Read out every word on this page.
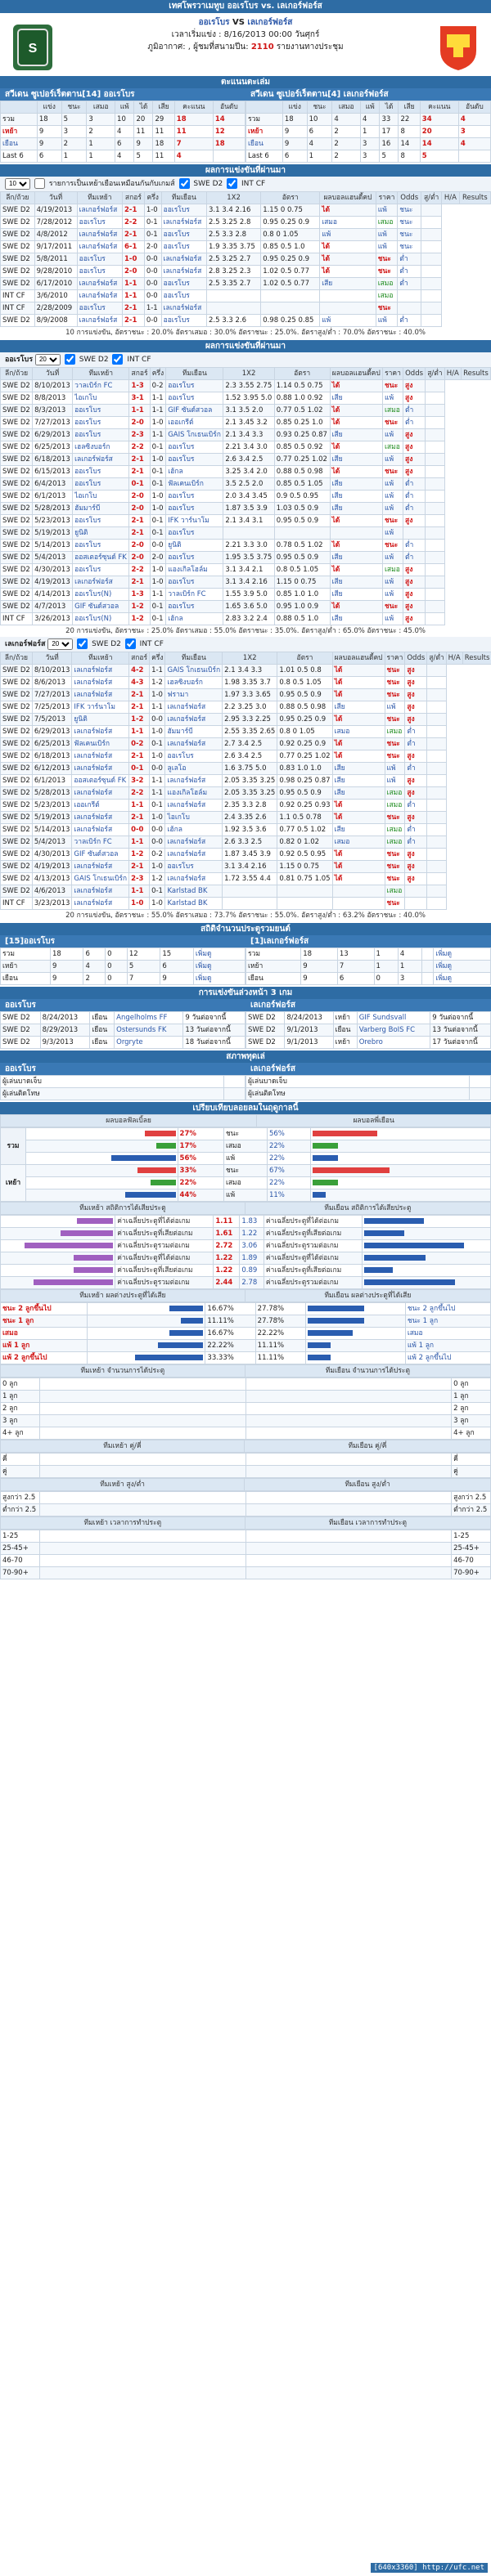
เทศโพรวาเมทูบ ออเรโบร vs. เลเกอร์ฟอร์ส
S
ออเรโบร VS เลเกอร์ฟอร์ส
เวลาเริ่มแข่ง : 8/16/2013 00:00 วันศุกร์
ภูมิอากาศ: , ผู้ชมที่สนามปีน: 2110 รายงานทางประชุม
ตะแนนตะเล่ม
สวีเดน ซูเปอร์เร็ตตาน[14] ออเรโบร
	แข่ง	ชนะ	เสมอ	แพ้	ได้	เสีย	คะแนน	อันดับ
รวม	18	5	3	10	20	29	18	14
เหย้า	9	3	2	4	11	11	11	12
เยือน	9	2	1	6	9	18	7	18
Last 6	6	1	1	4	5	11	4	

สวีเดน ซูเปอร์เร็ตตาน[4] เลเกอร์ฟอร์ส
	แข่ง	ชนะ	เสมอ	แพ้	ได้	เสีย	คะแนน	อันดับ
รวม	18	10	4	4	33	22	34	4
เหย้า	9	6	2	1	17	8	20	3
เยือน	9	4	2	3	16	14	14	4
Last 6	6	1	2	3	5	8	5	
ผลการแข่งขันที่ผ่านมา
10  รายการเป็นเหย้าเยือนเหมือนกันกับเกมส์	SWE D2	INT CF
ลีก/ถ้วย	วันที่	ทีมเหย้า	สกอร์	ครึ่ง	ทีมเยือน	1X2	อัตรา	ผลบอลแฮนดี้คป	ราคา	Odds	สู/ต่ำ	H/A	Results
SWE D2	4/19/2013	เลเกอร์ฟอร์ส	2-1	1-0	ออเรโบร	3.1 3.4 2.16	1.15 0 0.75	ได้	แพ้	ชนะ			
SWE D2	7/28/2012	ออเรโบร	2-2	0-1	เลเกอร์ฟอร์ส	2.5 3.25 2.8	0.95 0.25 0.9	เสมอ	เสมอ	ชนะ			
SWE D2	4/8/2012	เลเกอร์ฟอร์ส	2-1	0-1	ออเรโบร	2.5 3.3 2.8	0.8 0 1.05	แพ้	แพ้	ชนะ			
SWE D2	9/17/2011	เลเกอร์ฟอร์ส	6-1	2-0	ออเรโบร	1.9 3.35 3.75	0.85 0.5 1.0	ได้	แพ้	ชนะ			
SWE D2	5/8/2011	ออเรโบร	1-0	0-0	เลเกอร์ฟอร์ส	2.5 3.25 2.7	0.95 0.25 0.9	ได้	ชนะ	ต่ำ			
SWE D2	9/28/2010	ออเรโบร	2-0	0-0	เลเกอร์ฟอร์ส	2.8 3.25 2.3	1.02 0.5 0.77	ได้	ชนะ	ต่ำ			
SWE D2	6/17/2010	เลเกอร์ฟอร์ส	1-1	0-0	ออเรโบร	2.5 3.35 2.7	1.02 0.5 0.77	เสีย	เสมอ	ต่ำ			
INT CF	3/6/2010	เลเกอร์ฟอร์ส	1-1	0-0	ออเรโบร				เสมอ				
INT CF	2/28/2009	ออเรโบร	2-1	1-1	เลเกอร์ฟอร์ส				ชนะ				
SWE D2	8/9/2008	เลเกอร์ฟอร์ส	2-1	0-0	ออเรโบร	2.5 3.3 2.6	0.98 0.25 0.85	แพ้	แพ้	ต่ำ			
10 การแข่งขัน, อัตราชนะ : 20.0% อัตราเสมอ : 30.0% อัตราชนะ : 25.0%. อัตราสูง/ต่ำ : 70.0% อัตราชนะ : 40.0%
ผลการแข่งขันที่ผ่านมา
ออเรโบร
20	SWE D2	INT CF
ลีก/ถ้วย	วันที่	ทีมเหย้า	สกอร์	ครึ่ง	ทีมเยือน	1X2	อัตรา	ผลบอลแฮนดี้คป	ราคา	Odds	สู/ต่ำ	H/A	Results
SWE D2	8/10/2013	วาลเบิร์ก FC	1-3	0-2	ออเรโบร	2.3 3.55 2.75	1.14 0.5 0.75	ได้	ชนะ	สูง			
SWE D2	8/8/2013	ไอเกโบ	3-1	1-1	ออเรโบร	1.52 3.95 5.0	0.88 1.0 0.92	เสีย	แพ้	สูง			
SWE D2	8/3/2013	ออเรโบร	1-1	1-1	GIF ซันด์สวอล	3.1 3.5 2.0	0.77 0.5 1.02	ได้	เสมอ	ต่ำ			
SWE D2	7/27/2013	ออเรโบร	2-0	1-0	เออเกรีต์	2.1 3.45 3.2	0.85 0.25 1.0	ได้	ชนะ	ต่ำ			
SWE D2	6/29/2013	ออเรโบร	2-3	1-1	GAIS โกเธนเบิร์ก	2.1 3.4 3.3	0.93 0.25 0.87	เสีย	แพ้	สูง			
SWE D2	6/25/2013	เฮลซิงบอร์ก	2-2	0-1	ออเรโบร	2.21 3.4 3.0	0.85 0.5 0.92	ได้	เสมอ	สูง			
SWE D2	6/18/2013	เลเกอร์ฟอร์ส	2-1	1-0	ออเรโบร	2.6 3.4 2.5	0.77 0.25 1.02	เสีย	แพ้	สูง			
SWE D2	6/15/2013	ออเรโบร	2-1	0-1	เฮ้กล	3.25 3.4 2.0	0.88 0.5 0.98	ได้	ชนะ	สูง			
SWE D2	6/4/2013	ออเรโบร	0-1	0-1	ฟัลเคนเบิร์ก	3.5 2.5 2.0	0.85 0.5 1.05	เสีย	แพ้	ต่ำ			
SWE D2	6/1/2013	ไอเกโบ	2-0	1-0	ออเรโบร	2.0 3.4 3.45	0.9 0.5 0.95	เสีย	แพ้	ต่ำ			
SWE D2	5/28/2013	ฮัมมาร์บี	2-0	1-0	ออเรโบร	1.87 3.5 3.9	1.03 0.5 0.9	เสีย	แพ้	ต่ำ			
SWE D2	5/23/2013	ออเรโบร	2-1	0-1	IFK วาร์นาโม	2.1 3.4 3.1	0.95 0.5 0.9	ได้	ชนะ	สูง			
SWE D2	5/19/2013	ยูนิติ	2-1	0-1	ออเรโบร				แพ้				
SWE D2	5/14/2013	ออเรโบร	2-0	0-0	ยูนิติ	2.21 3.3 3.0	0.78 0.5 1.02	ได้	ชนะ	ต่ำ			
SWE D2	5/4/2013	ออสเตอร์ซุนด์ FK	2-0	2-0	ออเรโบร	1.95 3.5 3.75	0.95 0.5 0.9	เสีย	แพ้	ต่ำ			
SWE D2	4/30/2013	ออเรโบร	2-2	1-0	แองเกิลโฮล์ม	3.1 3.4 2.1	0.8 0.5 1.05	ได้	เสมอ	สูง			
SWE D2	4/19/2013	เลเกอร์ฟอร์ส	2-1	1-0	ออเรโบร	3.1 3.4 2.16	1.15 0 0.75	เสีย	แพ้	สูง			
SWE D2	4/14/2013	ออเรโบร(N)	1-3	1-1	วาลเบิร์ก FC	1.55 3.9 5.0	0.85 1.0 1.0	เสีย	แพ้	สูง			
SWE D2	4/7/2013	GIF ซันด์สวอล	1-2	0-1	ออเรโบร	1.65 3.6 5.0	0.95 1.0 0.9	ได้	ชนะ	สูง			
INT CF	3/26/2013	ออเรโบร(N)	1-2	0-1	เฮ้กล	2.83 3.2 2.4	0.88 0.5 1.0	เสีย	แพ้	สูง			
20 การแข่งขัน, อัตราชนะ : 25.0% อัตราเสมอ : 55.0% อัตราชนะ : 35.0%. อัตราสูง/ต่ำ : 65.0% อัตราชนะ : 45.0%
เลเกอร์ฟอร์ส
20	SWE D2	INT CF
ลีก/ถ้วย	วันที่	ทีมเหย้า	สกอร์	ครึ่ง	ทีมเยือน	1X2	อัตรา	ผลบอลแฮนดี้คป	ราคา	Odds	สู/ต่ำ	H/A	Results
SWE D2	8/10/2013	เลเกอร์ฟอร์ส	4-2	1-1	GAIS โกเธนเบิร์ก	2.1 3.4 3.3	1.01 0.5 0.8	ได้	ชนะ	สูง			
SWE D2	8/6/2013	เลเกอร์ฟอร์ส	4-3	1-2	เฮลซิงบอร์ก	1.98 3.35 3.7	0.8 0.5 1.05	ได้	ชนะ	สูง			
SWE D2	7/27/2013	เลเกอร์ฟอร์ส	2-1	1-0	ฟรามา	1.97 3.3 3.65	0.95 0.5 0.9	ได้	ชนะ	สูง			
SWE D2	7/25/2013	IFK วาร์นาโม	2-1	1-1	เลเกอร์ฟอร์ส	2.2 3.25 3.0	0.88 0.5 0.98	เสีย	แพ้	สูง			
SWE D2	7/5/2013	ยูนิติ	1-2	0-0	เลเกอร์ฟอร์ส	2.95 3.3 2.25	0.95 0.25 0.9	ได้	ชนะ	สูง			
SWE D2	6/29/2013	เลเกอร์ฟอร์ส	1-1	1-0	ฮัมมาร์บี	2.55 3.35 2.65	0.8 0 1.05	เสมอ	เสมอ	ต่ำ			
SWE D2	6/25/2013	ฟัลเคนเบิร์ก	0-2	0-1	เลเกอร์ฟอร์ส	2.7 3.4 2.5	0.92 0.25 0.9	ได้	ชนะ	ต่ำ			
SWE D2	6/18/2013	เลเกอร์ฟอร์ส	2-1	1-0	ออเรโบร	2.6 3.4 2.5	0.77 0.25 1.02	ได้	ชนะ	สูง			
SWE D2	6/12/2013	เลเกอร์ฟอร์ส	0-1	0-0	ลูเลโอ	1.6 3.75 5.0	0.83 1.0 1.0	เสีย	แพ้	ต่ำ			
SWE D2	6/1/2013	ออสเตอร์ซุนด์ FK	3-2	1-1	เลเกอร์ฟอร์ส	2.05 3.35 3.25	0.98 0.25 0.87	เสีย	แพ้	สูง			
SWE D2	5/28/2013	เลเกอร์ฟอร์ส	2-2	1-1	แองเกิลโฮล์ม	2.05 3.35 3.25	0.95 0.5 0.9	เสีย	เสมอ	สูง			
SWE D2	5/23/2013	เออเกรีต์	1-1	0-1	เลเกอร์ฟอร์ส	2.35 3.3 2.8	0.92 0.25 0.93	ได้	เสมอ	ต่ำ			
SWE D2	5/19/2013	เลเกอร์ฟอร์ส	2-1	1-0	ไอเกโบ	2.4 3.35 2.6	1.1 0.5 0.78	ได้	ชนะ	สูง			
SWE D2	5/14/2013	เลเกอร์ฟอร์ส	0-0	0-0	เฮ้กล	1.92 3.5 3.6	0.77 0.5 1.02	เสีย	เสมอ	ต่ำ			
SWE D2	5/4/2013	วาลเบิร์ก FC	1-1	0-0	เลเกอร์ฟอร์ส	2.6 3.3 2.5	0.82 0 1.02	เสมอ	เสมอ	ต่ำ			
SWE D2	4/30/2013	GIF ซันด์สวอล	1-2	0-2	เลเกอร์ฟอร์ส	1.87 3.45 3.9	0.92 0.5 0.95	ได้	ชนะ	สูง			
SWE D2	4/19/2013	เลเกอร์ฟอร์ส	2-1	1-0	ออเรโบร	3.1 3.4 2.16	1.15 0 0.75	ได้	ชนะ	สูง			
SWE D2	4/13/2013	GAIS โกเธนเบิร์ก	2-3	1-2	เลเกอร์ฟอร์ส	1.72 3.55 4.4	0.81 0.75 1.05	ได้	ชนะ	สูง			
SWE D2	4/6/2013	เลเกอร์ฟอร์ส	1-1	0-1	Karlstad BK				เสมอ				
INT CF	3/23/2013	เลเกอร์ฟอร์ส	1-0	1-0	Karlstad BK				ชนะ				
20 การแข่งขัน, อัตราชนะ : 55.0% อัตราเสมอ : 73.7% อัตราชนะ : 55.0%. อัตราสูง/ต่ำ : 63.2% อัตราชนะ : 40.0%
สถิติจำนวนประตูรวมยนต์
[15]ออเรโบร
รวม	18	6	0	12	15	เพิ่มดู
เหย้า	9	4	0	5	6	เพิ่มดู
เยือน	9	2	0	7	9	เพิ่มดู

[1]เลเกอร์ฟอร์ส
รวม	18	13	1	4		เพิ่มดู
เหย้า	9	7	1	1		เพิ่มดู
เยือน	9	6	0	3		เพิ่มดู
การแข่งขันล่วงหน้า 3 เกม
ออเรโบร
SWE D2	8/24/2013	เยือน	Angelholms FF	9 วันต่อจากนี้
SWE D2	8/29/2013	เยือน	Ostersunds FK	13 วันต่อจากนี้
SWE D2	9/3/2013	เยือน	Orgryte	18 วันต่อจากนี้

เลเกอร์ฟอร์ส
SWE D2	8/24/2013	เหย้า	GIF Sundsvall	9 วันต่อจากนี้
SWE D2	9/1/2013	เยือน	Varberg BoIS FC	13 วันต่อจากนี้
SWE D2	9/1/2013	เหย้า	Orebro	17 วันต่อจากนี้
สภาพทุดเล่
ออเรโบร
ผู้เล่นบาดเจ็บ	
ผู้เล่นติดโทษ	

เลเกอร์ฟอร์ส
ผู้เล่นบาดเจ็บ	
ผู้เล่นติดโทษ	
เปรียบเทียบลอยลมในฤดูกาลนี้
ผลบอลฟัลเบิ้ลย	ผลบอลพี่เยือน
รวม		27%	ชนะ	56%	
		17%	เสมอ	22%	
		56%	แพ้	22%	
เหย้า		33%	ชนะ	67%	
		22%	เสมอ	22%	
		44%	แพ้	11%	
ทีมเหย้า สถิติการได้เสียประตู	ทีมเยือน สถิติการได้เสียประตู
	ค่าเฉลี่ยประตูที่ได้ต่อเกม	1.11	1.83	ค่าเฉลี่ยประตูที่ได้ต่อเกม	
	ค่าเฉลี่ยประตูที่เสียต่อเกม	1.61	1.22	ค่าเฉลี่ยประตูที่เสียต่อเกม	
	ค่าเฉลี่ยประตูรวมต่อเกม	2.72	3.06	ค่าเฉลี่ยประตูรวมต่อเกม	
	ค่าเฉลี่ยประตูที่ได้ต่อเกม	1.22	1.89	ค่าเฉลี่ยประตูที่ได้ต่อเกม	
	ค่าเฉลี่ยประตูที่เสียต่อเกม	1.22	0.89	ค่าเฉลี่ยประตูที่เสียต่อเกม	
	ค่าเฉลี่ยประตูรวมต่อเกม	2.44	2.78	ค่าเฉลี่ยประตูรวมต่อเกม	
ทีมเหย้า ผลต่างประตูที่ได้เสีย	ทีมเยือน ผลต่างประตูที่ได้เสีย
ชนะ 2 ลูกขึ้นไป		16.67%	27.78%		ชนะ 2 ลูกขึ้นไป
ชนะ 1 ลูก		11.11%	27.78%		ชนะ 1 ลูก
เสมอ		16.67%	22.22%		เสมอ
แพ้ 1 ลูก		22.22%	11.11%		แพ้ 1 ลูก
แพ้ 2 ลูกขึ้นไป		33.33%	11.11%		แพ้ 2 ลูกขึ้นไป
ทีมเหย้า จำนวนการได้ประตู	ทีมเยือน จำนวนการได้ประตู
0 ลูก			0 ลูก
1 ลูก			1 ลูก
2 ลูก			2 ลูก
3 ลูก			3 ลูก
4+ ลูก			4+ ลูก
ทีมเหย้า คู่/คี่	ทีมเยือน คู่/คี่
คี่			คี่
คู่			คู่
ทีมเหย้า สูง/ต่ำ	ทีมเยือน สูง/ต่ำ
สูงกว่า 2.5			สูงกว่า 2.5
ต่ำกว่า 2.5			ต่ำกว่า 2.5
ทีมเหย้า เวลาการทำประตู	ทีมเยือน เวลาการทำประตู
1-25			1-25
25-45+			25-45+
46-70			46-70
70-90+			70-90+
[640x3360] http://ufc.net
